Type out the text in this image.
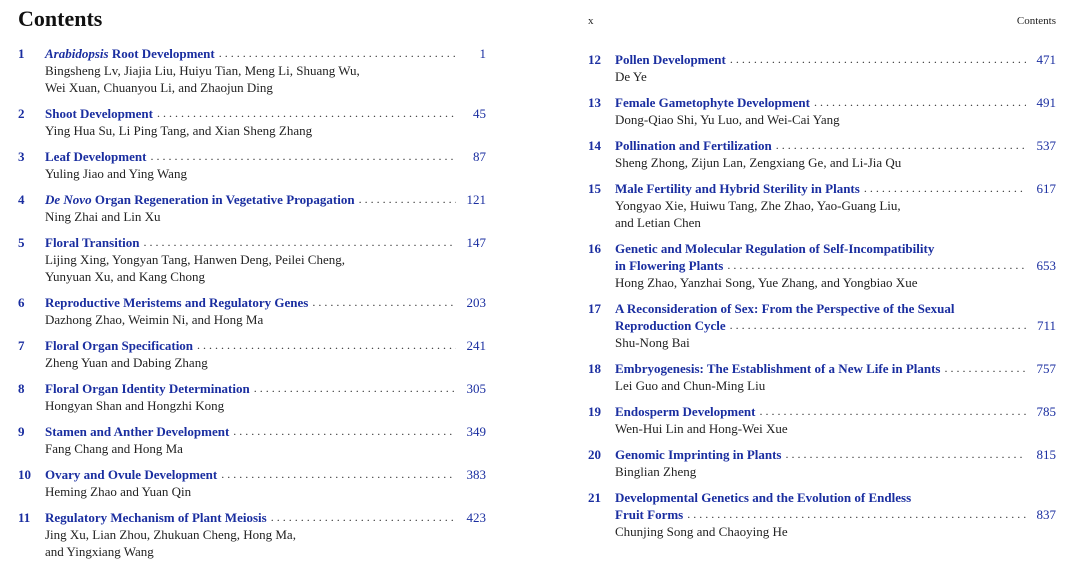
Contents
1 Arabidopsis Root Development . . .	1
Bingsheng Lv, Jiajia Liu, Huiyu Tian, Meng Li, Shuang Wu,
Wei Xuan, Chuanyou Li, and Zhaojun Ding
2 Shoot Development . . .	45
Ying Hua Su, Li Ping Tang, and Xian Sheng Zhang
3 Leaf Development . . .	87
Yuling Jiao and Ying Wang
4 De Novo Organ Regeneration in Vegetative Propagation . . .	121
Ning Zhai and Lin Xu
5 Floral Transition . . .	147
Lijing Xing, Yongyan Tang, Hanwen Deng, Peilei Cheng,
Yunyuan Xu, and Kang Chong
6 Reproductive Meristems and Regulatory Genes . . .	203
Dazhong Zhao, Weimin Ni, and Hong Ma
7 Floral Organ Specification . . .	241
Zheng Yuan and Dabing Zhang
8 Floral Organ Identity Determination . . .	305
Hongyan Shan and Hongzhi Kong
9 Stamen and Anther Development . . .	349
Fang Chang and Hong Ma
10 Ovary and Ovule Development . . .	383
Heming Zhao and Yuan Qin
11 Regulatory Mechanism of Plant Meiosis . . .	423
Jing Xu, Lian Zhou, Zhukuan Cheng, Hong Ma,
and Yingxiang Wang
x	Contents
12 Pollen Development . . .	471
De Ye
13 Female Gametophyte Development . . .	491
Dong-Qiao Shi, Yu Luo, and Wei-Cai Yang
14 Pollination and Fertilization . . .	537
Sheng Zhong, Zijun Lan, Zengxiang Ge, and Li-Jia Qu
15 Male Fertility and Hybrid Sterility in Plants . . .	617
Yongyao Xie, Huiwu Tang, Zhe Zhao, Yao-Guang Liu,
and Letian Chen
16 Genetic and Molecular Regulation of Self-Incompatibility
in Flowering Plants . . .	653
Hong Zhao, Yanzhai Song, Yue Zhang, and Yongbiao Xue
17 A Reconsideration of Sex: From the Perspective of the Sexual
Reproduction Cycle . . .	711
Shu-Nong Bai
18 Embryogenesis: The Establishment of a New Life in Plants . . .	757
Lei Guo and Chun-Ming Liu
19 Endosperm Development . . .	785
Wen-Hui Lin and Hong-Wei Xue
20 Genomic Imprinting in Plants . . .	815
Binglian Zheng
21 Developmental Genetics and the Evolution of Endless
Fruit Forms . . .	837
Chunjing Song and Chaoying He
